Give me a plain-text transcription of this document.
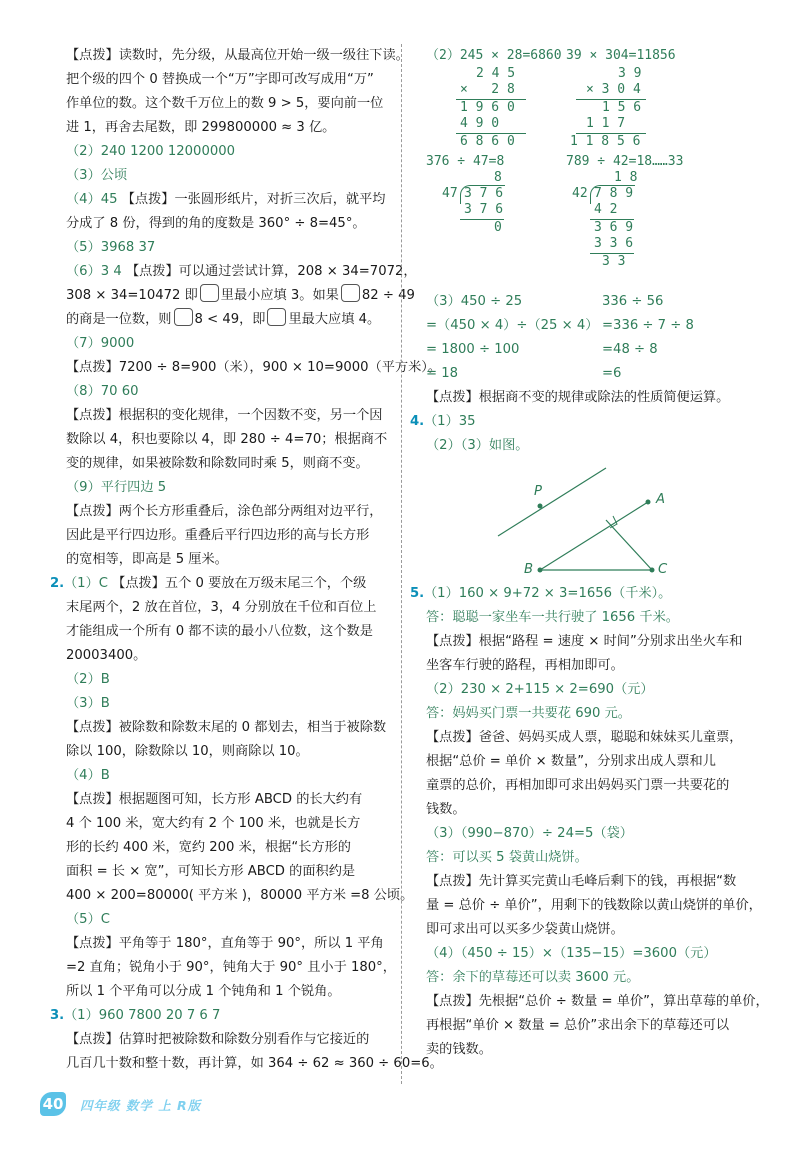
【点拨】读数时，先分级，从最高位开始一级一级往下读。
把个级的四个 0 替换成一个“万”字即可改写成用“万”
作单位的数。这个数千万位上的数 9 > 5，要向前一位
进 1，再舍去尾数，即 299800000 ≈ 3 亿。
（2）240 1200 12000000
（3）公顷
（4）45 【点拨】一张圆形纸片，对折三次后，就平均
分成了 8 份，得到的角的度数是 360° ÷ 8=45°。
（5）3968 37
（6）3 4 【点拨】可以通过尝试计算，208 × 34=7072，
308 × 34=10472 即 里最小应填 3。如果 82 ÷ 49
的商是一位数，则 8 < 49，即 里最大应填 4。
（7）9000
【点拨】7200 ÷ 8=900（米），900 × 10=9000（平方米）。
（8）70 60
【点拨】根据积的变化规律，一个因数不变，另一个因
数除以 4，积也要除以 4，即 280 ÷ 4=70；根据商不
变的规律，如果被除数和除数同时乘 5，则商不变。
（9）平行四边 5
【点拨】两个长方形重叠后，涂色部分两组对边平行，
因此是平行四边形。重叠后平行四边形的高与长方形
的宽相等，即高是 5 厘米。
2.（1）C 【点拨】五个 0 要放在万级末尾三个，个级
末尾两个，2 放在首位，3，4 分别放在千位和百位上
才能组成一个所有 0 都不读的最小八位数，这个数是
20003400。
（2）B
（3）B
【点拨】被除数和除数末尾的 0 都划去，相当于被除数
除以 100，除数除以 10，则商除以 10。
（4）B
【点拨】根据题图可知，长方形 ABCD 的长大约有
4 个 100 米，宽大约有 2 个 100 米，也就是长方
形的长约 400 米，宽约 200 米，根据“长方形的
面积 = 长 × 宽”，可知长方形 ABCD 的面积约是
400 × 200=80000( 平方米 )，80000 平方米 =8 公顷。
（5）C
【点拨】平角等于 180°，直角等于 90°，所以 1 平角
=2 直角；锐角小于 90°，钝角大于 90° 且小于 180°，
所以 1 个平角可以分成 1 个钝角和 1 个锐角。
3.（1）960 7800 20 7 6 7
【点拨】估算时把被除数和除数分别看作与它接近的
几百几十数和整十数，再计算，如 364 ÷ 62 ≈ 360 ÷ 60=6。
（2）245 × 28=6860 39 × 304=11856
2 4 5
×   2 8
1 9 6 0
4 9 0
6 8 6 0
3 9
× 3 0 4
1 5 6
1 1 7
1 1 8 5 6
376 ÷ 47=8	789 ÷ 42=18……33
8
47 3 7 6
3 7 6
0
1 8
42 7 8 9
4 2
3 6 9
3 3 6
3 3
（3）450 ÷ 25	336 ÷ 56
=（450 × 4）÷（25 × 4） =336 ÷ 7 ÷ 8
= 1800 ÷ 100	=48 ÷ 8
= 18	=6
【点拨】根据商不变的规律或除法的性质简便运算。
4.（1）35
（2）（3）如图。
P
A
B	C
5.（1）160 × 9+72 × 3=1656（千米）。
答：聪聪一家坐车一共行驶了 1656 千米。
【点拨】根据“路程 = 速度 × 时间”分别求出坐火车和
坐客车行驶的路程，再相加即可。
（2）230 × 2+115 × 2=690（元）
答：妈妈买门票一共要花 690 元。
【点拨】爸爸、妈妈买成人票，聪聪和妹妹买儿童票，
根据“总价 = 单价 × 数量”，分别求出成人票和儿
童票的总价，再相加即可求出妈妈买门票一共要花的
钱数。
（3）（990−870）÷ 24=5（袋）
答：可以买 5 袋黄山烧饼。
【点拨】先计算买完黄山毛峰后剩下的钱，再根据“数
量 = 总价 ÷ 单价”，用剩下的钱数除以黄山烧饼的单价，
即可求出可以买多少袋黄山烧饼。
（4）（450 ÷ 15）×（135−15）=3600（元）
答：余下的草莓还可以卖 3600 元。
【点拨】先根据“总价 ÷ 数量 = 单价”，算出草莓的单价，
再根据“单价 × 数量 = 总价”求出余下的草莓还可以
卖的钱数。
40 四年级 数学 上 R版
